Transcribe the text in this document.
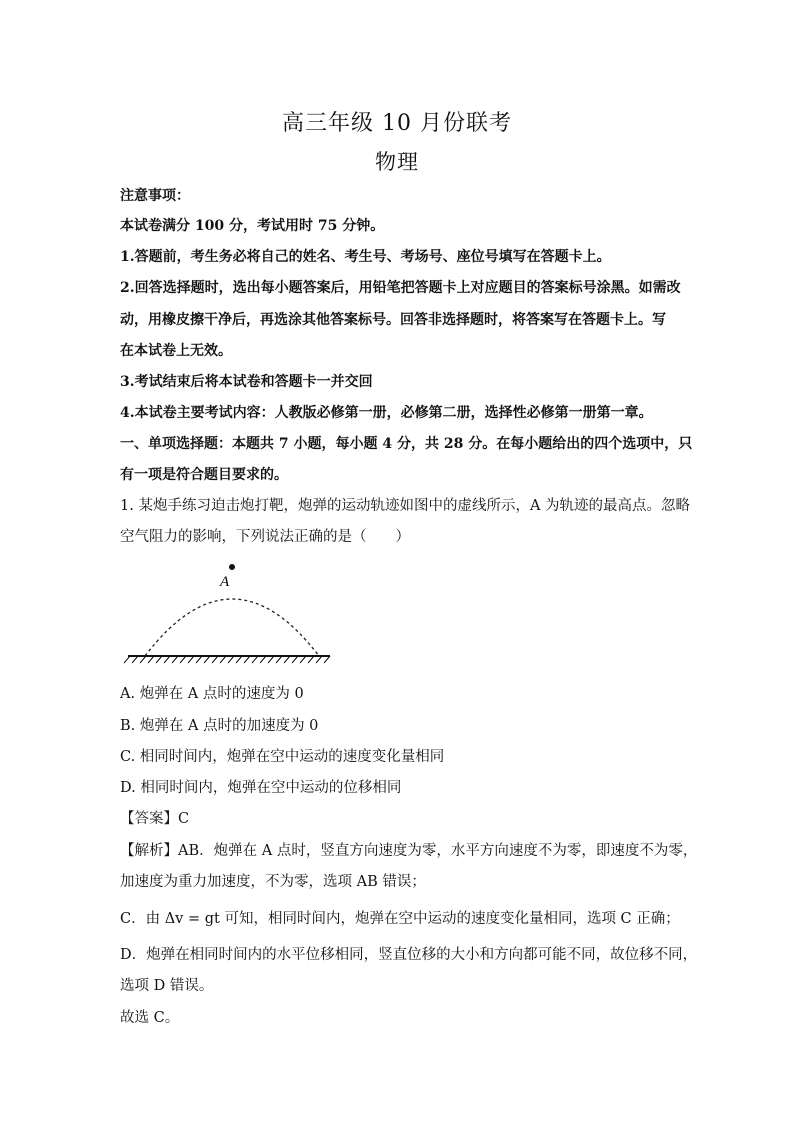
高三年级 10 月份联考
物理
注意事项：
本试卷满分 100 分，考试用时 75 分钟。
1.答题前，考生务必将自己的姓名、考生号、考场号、座位号填写在答题卡上。
2.回答选择题时，选出每小题答案后，用铅笔把答题卡上对应题目的答案标号涂黑。如需改
动，用橡皮擦干净后，再选涂其他答案标号。回答非选择题时，将答案写在答题卡上。写
在本试卷上无效。
3.考试结束后将本试卷和答题卡一并交回
4.本试卷主要考试内容：人教版必修第一册，必修第二册，选择性必修第一册第一章。
一、单项选择题：本题共 7 小题，每小题 4 分，共 28 分。在每小题给出的四个选项中，只
有一项是符合题目要求的。
1. 某炮手练习迫击炮打靶，炮弹的运动轨迹如图中的虚线所示，A 为轨迹的最高点。忽略
空气阻力的影响，下列说法正确的是（　　）
A
A. 炮弹在 A 点时的速度为 0
B. 炮弹在 A 点时的加速度为 0
C. 相同时间内，炮弹在空中运动的速度变化量相同
D. 相同时间内，炮弹在空中运动的位移相同
【答案】C
【解析】AB．炮弹在 A 点时，竖直方向速度为零，水平方向速度不为零，即速度不为零，
加速度为重力加速度，不为零，选项 AB 错误；
C．由 Δv = gt 可知，相同时间内，炮弹在空中运动的速度变化量相同，选项 C 正确；
D．炮弹在相同时间内的水平位移相同，竖直位移的大小和方向都可能不同，故位移不同，
选项 D 错误。
故选 C。
